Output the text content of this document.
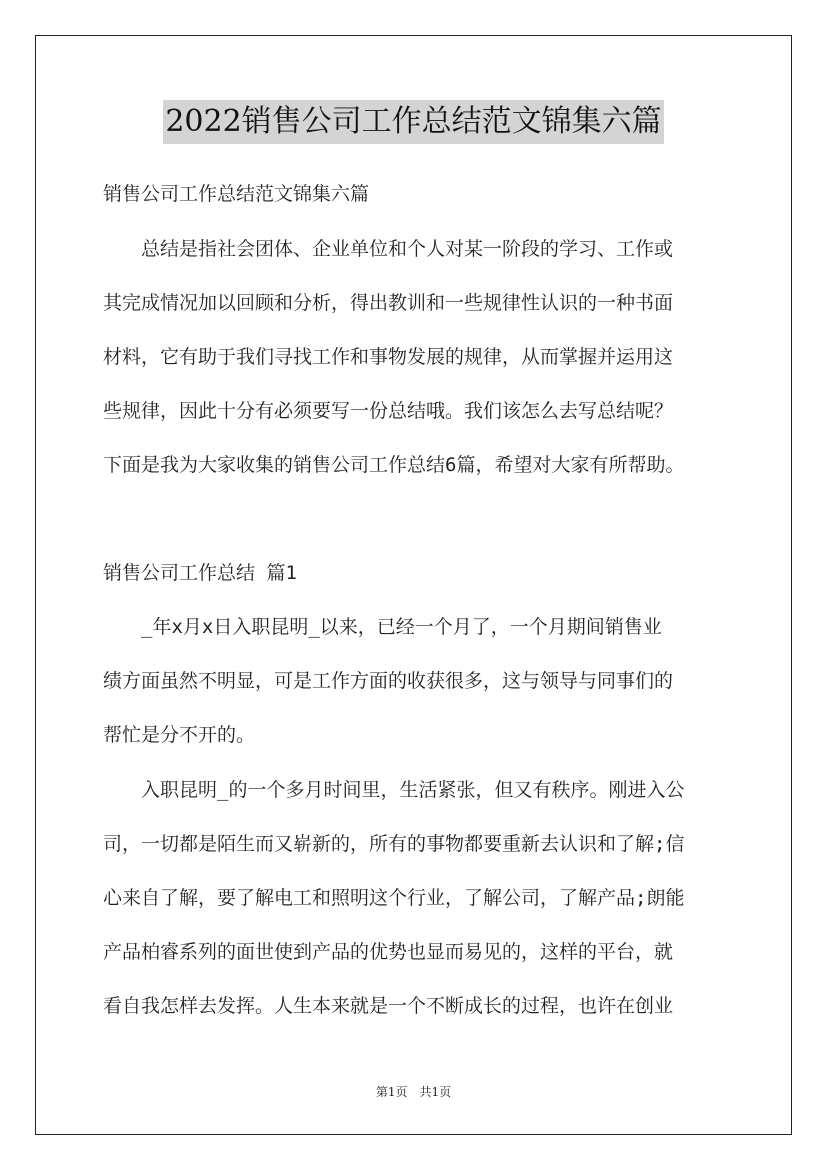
2022销售公司工作总结范文锦集六篇
销售公司工作总结范文锦集六篇
　　总结是指社会团体、企业单位和个人对某一阶段的学习、工作或
其完成情况加以回顾和分析，得出教训和一些规律性认识的一种书面
材料，它有助于我们寻找工作和事物发展的规律，从而掌握并运用这
些规律，因此十分有必须要写一份总结哦。我们该怎么去写总结呢？
下面是我为大家收集的销售公司工作总结6篇，希望对大家有所帮助。
销售公司工作总结 篇1
　　_年x月x日入职昆明_以来，已经一个月了，一个月期间销售业
绩方面虽然不明显，可是工作方面的收获很多，这与领导与同事们的
帮忙是分不开的。
　　入职昆明_的一个多月时间里，生活紧张，但又有秩序。刚进入公
司，一切都是陌生而又崭新的，所有的事物都要重新去认识和了解;信
心来自了解，要了解电工和照明这个行业，了解公司，了解产品;朗能
产品柏睿系列的面世使到产品的优势也显而易见的，这样的平台，就
看自我怎样去发挥。人生本来就是一个不断成长的过程，也许在创业
第1页　共1页
